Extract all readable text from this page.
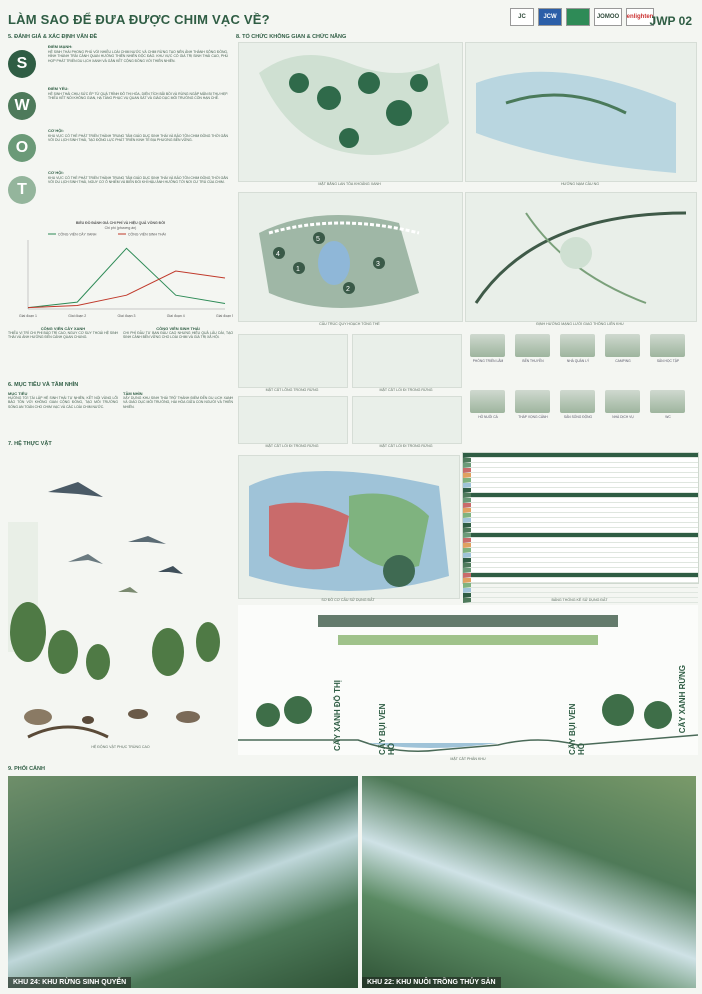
LÀM SAO ĐỂ ĐƯA ĐƯỢC CHIM VẠC VỀ?	JC	JCW	JOMOO	enlighten
JWP 02
5. ĐÁNH GIÁ & XÁC ĐỊNH VẤN ĐỀ
S
ĐIỂM MẠNH:
HỆ SINH THÁI PHONG PHÚ VỚI NHIỀU LOÀI CHIM NƯỚC VÀ CHIM RỪNG TẠO NÊN ẢNH THÀNH SÔNG ĐỒNG, HÌNH THÀNH TRẢI CẢNH QUAN HƯỚNG THIÊN NHIÊN ĐỘC ĐÁO. KHU VỰC CÓ GIÁ TRỊ SINH THÁI CAO, PHÙ HỢP PHÁT TRIỂN DU LỊCH XANH VÀ GẮN KẾT CỘNG ĐỒNG VỚI THIÊN NHIÊN.
W
ĐIỂM YẾU:
HỆ SINH THÁI CHỊU SỨC ÉP TỪ QUÁ TRÌNH ĐÔ THỊ HÓA, DIỆN TÍCH BÃI BỒI VÀ RỪNG NGẬP MẶN BỊ THU HẸP. THIẾU KẾT NỐI KHÔNG GIAN, HẠ TẦNG PHỤC VỤ QUAN SÁT VÀ GIÁO DỤC MÔI TRƯỜNG CÒN HẠN CHẾ.
O
CƠ HỘI:
KHU VỰC CÓ THỂ PHÁT TRIỂN THÀNH TRUNG TÂM GIÁO DỤC SINH THÁI VÀ BẢO TỒN CHIM ĐỒNG THỜI GẮN VỚI DU LỊCH SINH THÁI, TẠO ĐỘNG LỰC PHÁT TRIỂN KINH TẾ ĐỊA PHƯƠNG BỀN VỮNG.
T
CƠ HỘI:
KHU VỰC CÓ THỂ PHÁT TRIỂN THÀNH TRUNG TÂM GIÁO DỤC SINH THÁI VÀ BẢO TỒN CHIM ĐỒNG THỜI GẮN VỚI DU LỊCH SINH THÁI, NGUY CƠ Ô NHIỄM VÀ BIẾN ĐỔI KHÍ HẬU ẢNH HƯỞNG TỚI NƠI CƯ TRÚ CỦA CHIM.
BIỂU ĐỒ ĐÁNH GIÁ CHI PHÍ VÀ HIỆU QUẢ VÒNG ĐỜI
Chi phí (phương án)
Giai đoạn 1	Giai đoạn 2	Giai đoạn 3	Giai đoạn 4	Giai đoạn 5
CÔNG VIÊN CÂY XANH	CÔNG VIÊN SINH THÁI
CÔNG VIÊN CÂY XANH
THIẾU VỊ TRÍ CHI PHÍ BẢO TRÌ CAO, NGUY CƠ SUY THOÁI HỆ SINH THÁI VÀ ẢNH HƯỞNG ĐẾN CẢNH QUAN CHUNG.
CÔNG VIÊN SINH THÁI
CHI PHÍ ĐẦU TƯ BAN ĐẦU CAO NHƯNG HIỆU QUẢ LÂU DÀI, TẠO SINH CẢNH BỀN VỮNG CHO LOÀI CHIM VÀ GIÁ TRỊ XÃ HỘI.
6. MỤC TIÊU VÀ TẦM NHÌN
MỤC TIÊU
HƯỚNG TỚI TÁI LẬP HỆ SINH THÁI TỰ NHIÊN, KẾT NỐI VÙNG LÕI BẢO TỒN VỚI KHÔNG GIAN CỘNG ĐỒNG, TẠO MÔI TRƯỜNG SỐNG AN TOÀN CHO CHIM VẠC VÀ CÁC LOÀI CHIM NƯỚC.
TẦM NHÌN
XÂY DỰNG KHU SINH THÁI TRỞ THÀNH ĐIỂM ĐẾN DU LỊCH XANH VÀ GIÁO DỤC MÔI TRƯỜNG, HÀI HÒA GIỮA CON NGƯỜI VÀ THIÊN NHIÊN.
7. HỆ THỰC VẬT
HỆ ĐỘNG VẬT PHỤC TRÙNG CAO
8. TỔ CHỨC KHÔNG GIAN & CHỨC NĂNG
MẶT BẰNG LAN TỎA KHOẢNG XANH	HƯỚNG NẠM CẦU NG
1
2
3
4
5
CẤU TRÚC QUY HOẠCH TỔNG THỂ	ĐỊNH HƯỚNG MẠNG LƯỚI GIAO THÔNG LIÊN KHU
MẶT CẮT LÔNG TRONG RỪNG	MẶT CẮT LỐI ĐI TRONG RỪNG
MẶT CẮT LỐI ĐI TRONG RỪNG	MẶT CẮT LỐI ĐI TRONG RỪNG
PHÒNG TRIỂN LÃM	BẾN THUYỀN	NHÀ QUẢN LÝ	CAMPING	SÂN HỌC TẬP
HỒ NUÔI CÁ	THÁP VỌNG CẢNH	SÂN SỐNG ĐỘNG	NHÀ DỊCH VỤ	WC
SƠ ĐỒ CƠ CẤU SỬ DỤNG ĐẤT	BẢNG THỐNG KÊ SỬ DỤNG ĐẤT
CÂY XANH ĐÔ THỊ	CÂY BỤI VEN HỒ	CÂY BỤI VEN HỒ
CÂY XANH RỪNG
MẶT CẮT PHÂN KHU
9. PHỐI CẢNH
KHU 24: KHU RỪNG SINH QUYỂN	KHU 22: KHU NUÔI TRỒNG THỦY SẢN
